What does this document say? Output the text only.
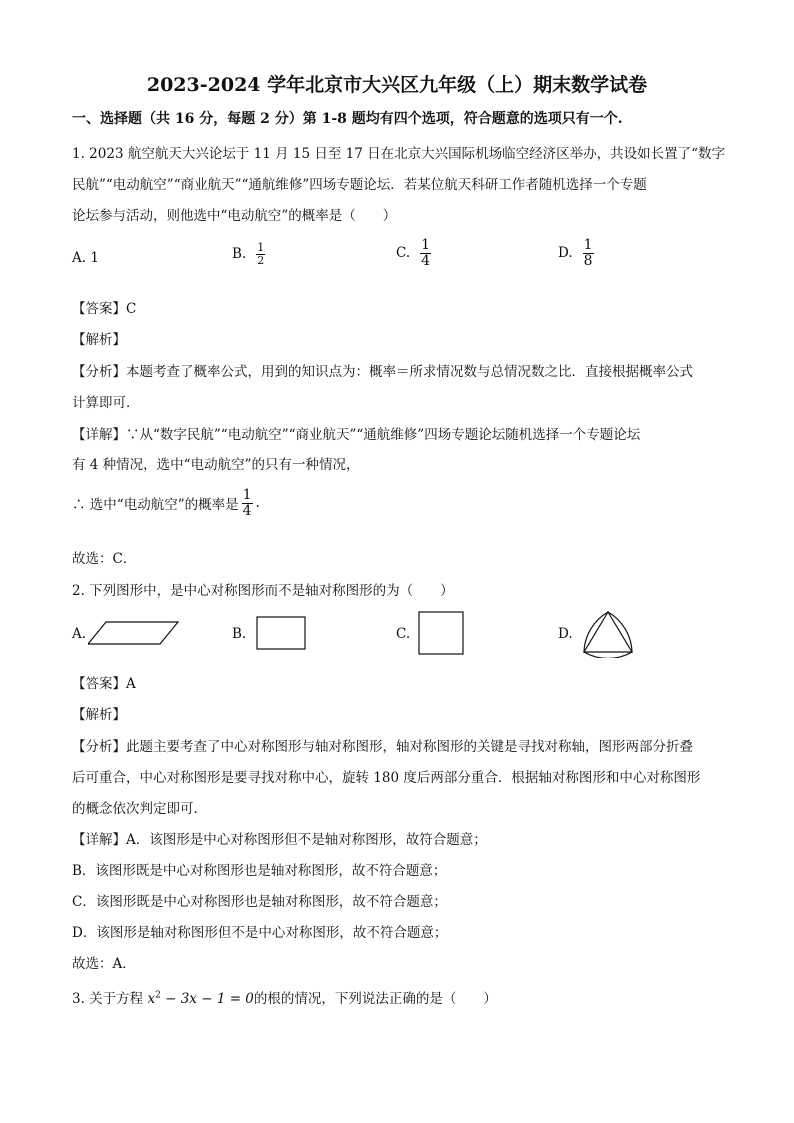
2023-2024 学年北京市大兴区九年级（上）期末数学试卷
一、选择题（共 16 分，每题 2 分）第 1-8 题均有四个选项，符合题意的选项只有一个.
1. 2023 航空航天大兴论坛于 11 月 15 日至 17 日在北京大兴国际机场临空经济区举办，共设如长置了“数字
民航”“电动航空”“商业航天”“通航维修”四场专题论坛．若某位航天科研工作者随机选择一个专题
论坛参与活动，则他选中“电动航空”的概率是（　　）
A. 1	B. $\frac{1}{2}$	C. $\frac{1}{4}$	D. $\frac{1}{8}$
【答案】C
【解析】
【分析】本题考查了概率公式，用到的知识点为：概率＝所求情况数与总情况数之比．直接根据概率公式
计算即可．
【详解】∵从“数字民航”“电动航空”“商业航天”“通航维修”四场专题论坛随机选择一个专题论坛
有 4 种情况，选中“电动航空”的只有一种情况，
∴ 选中“电动航空”的概率是 $\frac{1}{4}$ .
故选：C．
2. 下列图形中，是中心对称图形而不是轴对称图形的为（　　）
A.	B.	C.	D.
【答案】A
【解析】
【分析】此题主要考查了中心对称图形与轴对称图形，轴对称图形的关键是寻找对称轴，图形两部分折叠
后可重合，中心对称图形是要寻找对称中心，旋转 180 度后两部分重合．根据轴对称图形和中心对称图形
的概念依次判定即可．
【详解】A．该图形是中心对称图形但不是轴对称图形，故符合题意；
B．该图形既是中心对称图形也是轴对称图形，故不符合题意；
C．该图形既是中心对称图形也是轴对称图形，故不符合题意；
D．该图形是轴对称图形但不是中心对称图形，故不符合题意；
故选：A．
3. 关于方程 $x^2 - 3x - 1 = 0$的根的情况，下列说法正确的是（　　）
